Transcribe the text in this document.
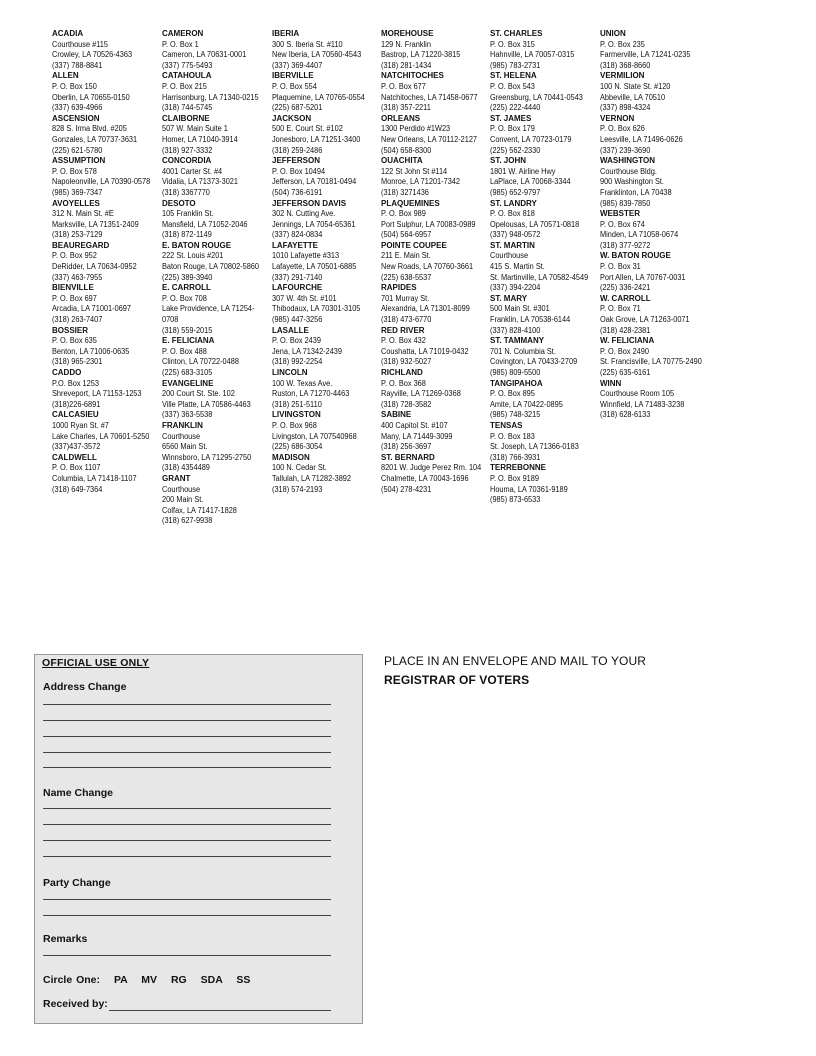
ACADIA
Courthouse #115
Crowley, LA 70526-4363
(337) 788-8841
ALLEN
P. O. Box 150
Oberlin, LA 70655-0150
(337) 639-4966
ASCENSION
828 S. Irma Blvd. #205
Gonzales, LA 70737-3631
(225) 621-5780
ASSUMPTION
P. O. Box 578
Napoleonville, LA 70390-0578
(985) 369-7347
AVOYELLES
312 N. Main St. #E
Marksville, LA 71351-2409
(318) 253-7129
BEAUREGARD
P. O. Box 952
DeRidder, LA 70634-0952
(337) 463-7955
BIENVILLE
P. O. Box 697
Arcadia, LA 71001-0697
(318) 263-7407
BOSSIER
P. O. Box 635
Benton, LA 71006-0635
(318) 965-2301
CADDO
P.O. Box 1253
Shreveport, LA 71153-1253
(318)226-6891
CALCASIEU
1000 Ryan St. #7
Lake Charles, LA 70601-5250
(337)437-3572
CALDWELL
P. O. Box 1107
Columbia, LA 71418-1107
(318) 649-7364
CAMERON
P. O. Box 1
Cameron, LA 70631-0001
(337) 775-5493
CATAHOULA
P. O. Box 215
Harrisonburg, LA 71340-0215
(318) 744-5745
CLAIBORNE
507 W. Main Suite 1
Homer, LA 71040-3914
(318) 927-3332
CONCORDIA
4001 Carter St. #4
Vidalia, LA 71373-3021
(318) 3367770
DESOTO
105 Franklin St.
Mansfield, LA 71052-2046
(318) 872-1149
E. BATON ROUGE
222 St. Louis #201
Baton Rouge, LA 70802-5860
(225) 389-3940
E. CARROLL
P. O. Box 708
Lake Providence, LA 71254-
0708
(318) 559-2015
E. FELICIANA
P. O. Box 488
Clinton, LA 70722-0488
(225) 683-3105
EVANGELINE
200 Court St. Ste. 102
Ville Platte, LA 70586-4463
(337) 363-5538
FRANKLIN
Courthouse
6560 Main St.
Winnsboro, LA 71295-2750
(318) 4354489
GRANT
Courthouse
200 Main St.
Colfax, LA 71417-1828
(318) 627-9938
IBERIA
300 S. Iberia St. #110
New Iberia, LA 70560-4543
(337) 369-4407
IBERVILLE
P. O. Box 554
Plaquemine, LA 70765-0554
(225) 687-5201
JACKSON
500 E. Court St. #102
Jonesboro, LA 71251-3400
(318) 259-2486
JEFFERSON
P. O. Box 10494
Jefferson, LA 70181-0494
(504) 736-6191
JEFFERSON DAVIS
302 N. Cutting Ave.
Jennings, LA 7054-65361
(337) 824-0834
LAFAYETTE
1010 Lafayette #313
Lafayette, LA 70501-6885
(337) 291-7140
LAFOURCHE
307 W. 4th St. #101
Thibodaux, LA 70301-3105
(985) 447-3256
LASALLE
P. O. Box 2439
Jena, LA 71342-2439
(318) 992-2254
LINCOLN
100 W. Texas Ave.
Ruston, LA 71270-4463
(318) 251-5110
LIVINGSTON
P. O. Box 968
Livingston, LA 707540968
(225) 686-3054
MADISON
100 N. Cedar St.
Tallulah, LA 71282-3892
(318) 574-2193
MOREHOUSE
129 N. Franklin
Bastrop, LA 71220-3815
(318) 281-1434
NATCHITOCHES
P. O. Box 677
Natchitoches, LA 71458-0677
(318) 357-2211
ORLEANS
1300 Perdido #1W23
New Orleans, LA 70112-2127
(504) 658-8300
OUACHITA
122 St John St #114
Monroe, LA 71201-7342
(318) 3271436
PLAQUEMINES
P. O. Box 989
Port Sulphur, LA 70083-0989
(504) 564-6957
POINTE COUPEE
211 E. Main St.
New Roads, LA 70760-3661
(225) 638-5537
RAPIDES
701 Murray St.
Alexandria, LA 71301-8099
(318) 473-6770
RED RIVER
P. O. Box 432
Coushatta, LA 71019-0432
(318) 932-5027
RICHLAND
P. O. Box 368
Rayville, LA 71269-0368
(318) 728-3582
SABINE
400 Capitol St. #107
Many, LA 71449-3099
(318) 256-3697
ST. BERNARD
8201 W. Judge Perez Rm. 104
Chalmette, LA 70043-1696
(504) 278-4231
ST. CHARLES
P. O. Box 315
Hahnville, LA 70057-0315
(985) 783-2731
ST. HELENA
P. O. Box 543
Greensburg, LA 70441-0543
(225) 222-4440
ST. JAMES
P. O. Box 179
Convent, LA 70723-0179
(225) 562-2330
ST. JOHN
1801 W. Airline Hwy
LaPlace, LA 70068-3344
(985) 652-9797
ST. LANDRY
P. O. Box 818
Opelousas, LA 70571-0818
(337) 948-0572
ST. MARTIN
Courthouse
415 S. Martin St.
St. Martinville, LA 70582-4549
(337) 394-2204
ST. MARY
500 Main St. #301
Franklin, LA 70538-6144
(337) 828-4100
ST. TAMMANY
701 N. Columbia St.
Covington, LA 70433-2709
(985) 809-5500
TANGIPAHOA
P. O. Box 895
Amite, LA 70422-0895
(985) 748-3215
TENSAS
P. O. Box 183
St. Joseph, LA 71366-0183
(318) 766-3931
TERREBONNE
P. O. Box 9189
Houma, LA 70361-9189
(985) 873-6533
UNION
P. O. Box 235
Farmerville, LA 71241-0235
(318) 368-8660
VERMILION
100 N. State St. #120
Abbeville, LA 70510
(337) 898-4324
VERNON
P. O. Box 626
Leesville, LA 71496-0626
(337) 239-3690
WASHINGTON
Courthouse Bldg.
900 Washington St.
Franklinton, LA 70438
(985) 839-7850
WEBSTER
P. O. Box 674
Minden, LA 71058-0674
(318) 377-9272
W. BATON ROUGE
P. O. Box 31
Port Allen, LA 70767-0031
(225) 336-2421
W. CARROLL
P. O. Box 71
Oak Grove, LA 71263-0071
(318) 428-2381
W. FELICIANA
P. O. Box 2490
St. Francisville, LA 70775-2490
(225) 635-6161
WINN
Courthouse Room 105
Winnfield, LA 71483-3238
(318) 628-6133
OFFICIAL USE ONLY
Address Change
Name Change
Party Change
Remarks
Circle One: PA MV RG SDA SS
Received by:
PLACE IN AN ENVELOPE AND MAIL TO YOUR
REGISTRAR OF VOTERS
